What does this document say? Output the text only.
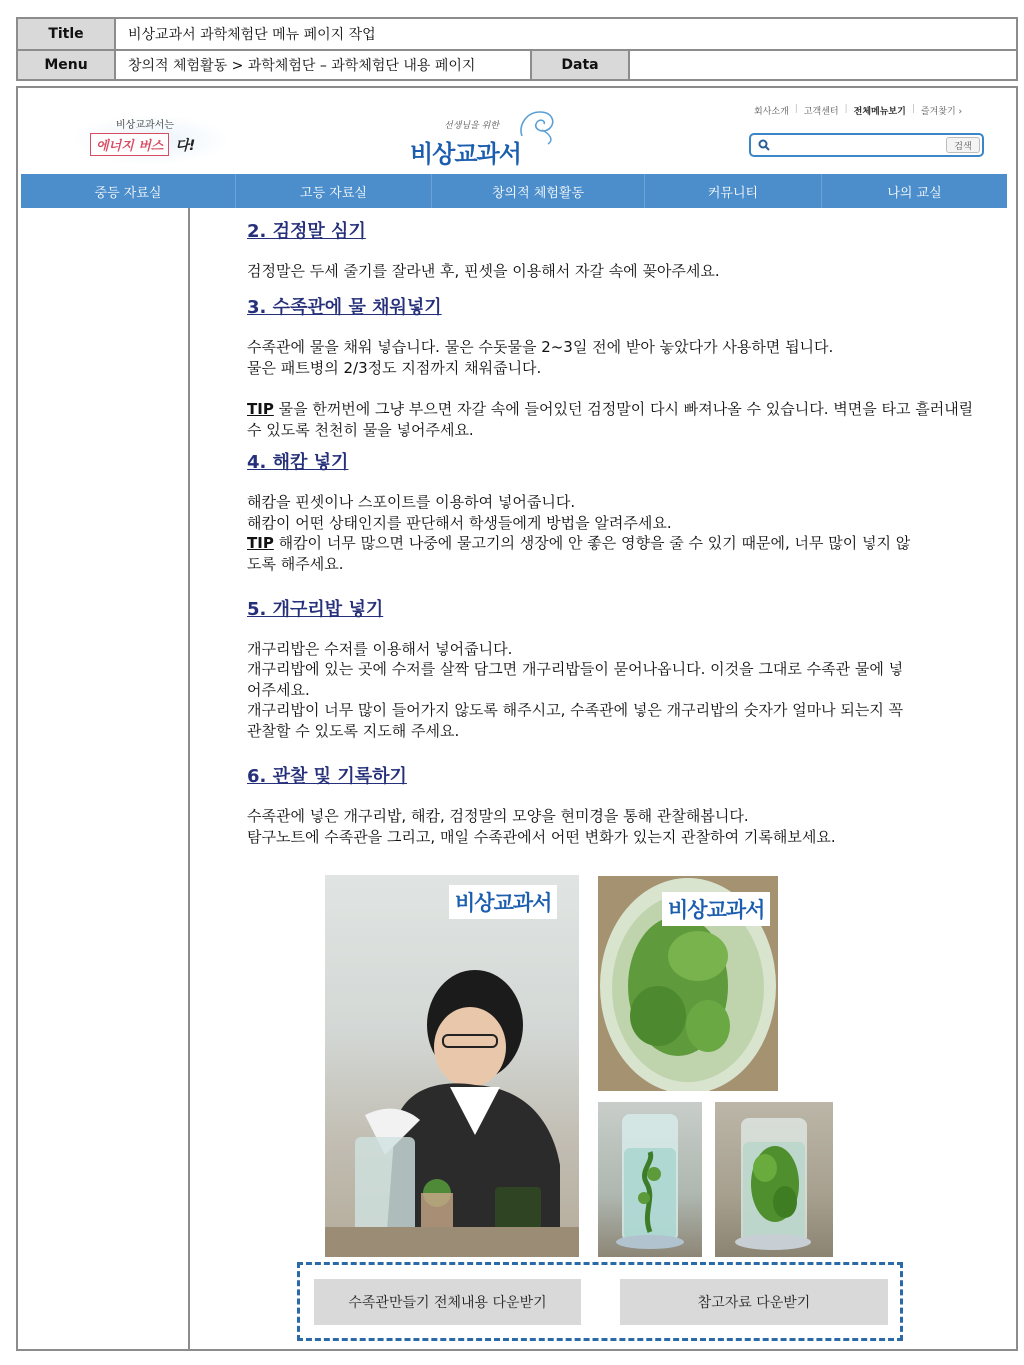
Title	비상교과서 과학체험단 메뉴 페이지 작업
Menu	창의적 체험활동 > 과학체험단 – 과학체험단 내용 페이지	Data
비상교과서는
에너지 버스 다!
선생님을 위한
비상교과서
회사소개 | 고객센터 | 전체메뉴보기 | 즐겨찾기 ›
검색
중등 자료실	고등 자료실	창의적 체험활동	커뮤니티	나의 교실
2. 검정말 심기
검정말은 두세 줄기를 잘라낸 후, 핀셋을 이용해서 자갈 속에 꽂아주세요.
3. 수족관에 물 채워넣기
수족관에 물을 채워 넣습니다. 물은 수돗물을 2~3일 전에 받아 놓았다가 사용하면 됩니다.
물은 패트병의 2/3정도 지점까지 채워줍니다.
TIP 물을 한꺼번에 그냥 부으면 자갈 속에 들어있던 검정말이 다시 빠져나올 수 있습니다. 벽면을 타고 흘러내릴 수 있도록 천천히 물을 넣어주세요.
4. 해캄 넣기
해캄을 핀셋이나 스포이트를 이용하여 넣어줍니다.
해캄이 어떤 상태인지를 판단해서 학생들에게 방법을 알려주세요.
TIP 해캄이 너무 많으면 나중에 물고기의 생장에 안 좋은 영향을 줄 수 있기 때문에, 너무 많이 넣지 않도록 해주세요.
5. 개구리밥 넣기
개구리밥은 수저를 이용해서 넣어줍니다.
개구리밥에 있는 곳에 수저를 살짝 담그면 개구리밥들이 묻어나옵니다. 이것을 그대로 수족관 물에 넣어주세요.
개구리밥이 너무 많이 들어가지 않도록 해주시고, 수족관에 넣은 개구리밥의 숫자가 얼마나 되는지 꼭 관찰할 수 있도록 지도해 주세요.
6. 관찰 및 기록하기
수족관에 넣은 개구리밥, 해캄, 검정말의 모양을 현미경을 통해 관찰해봅니다.
탐구노트에 수족관을 그리고, 매일 수족관에서 어떤 변화가 있는지 관찰하여 기록해보세요.
비상교과서	비상교과서
수족관만들기 전체내용 다운받기	참고자료 다운받기
